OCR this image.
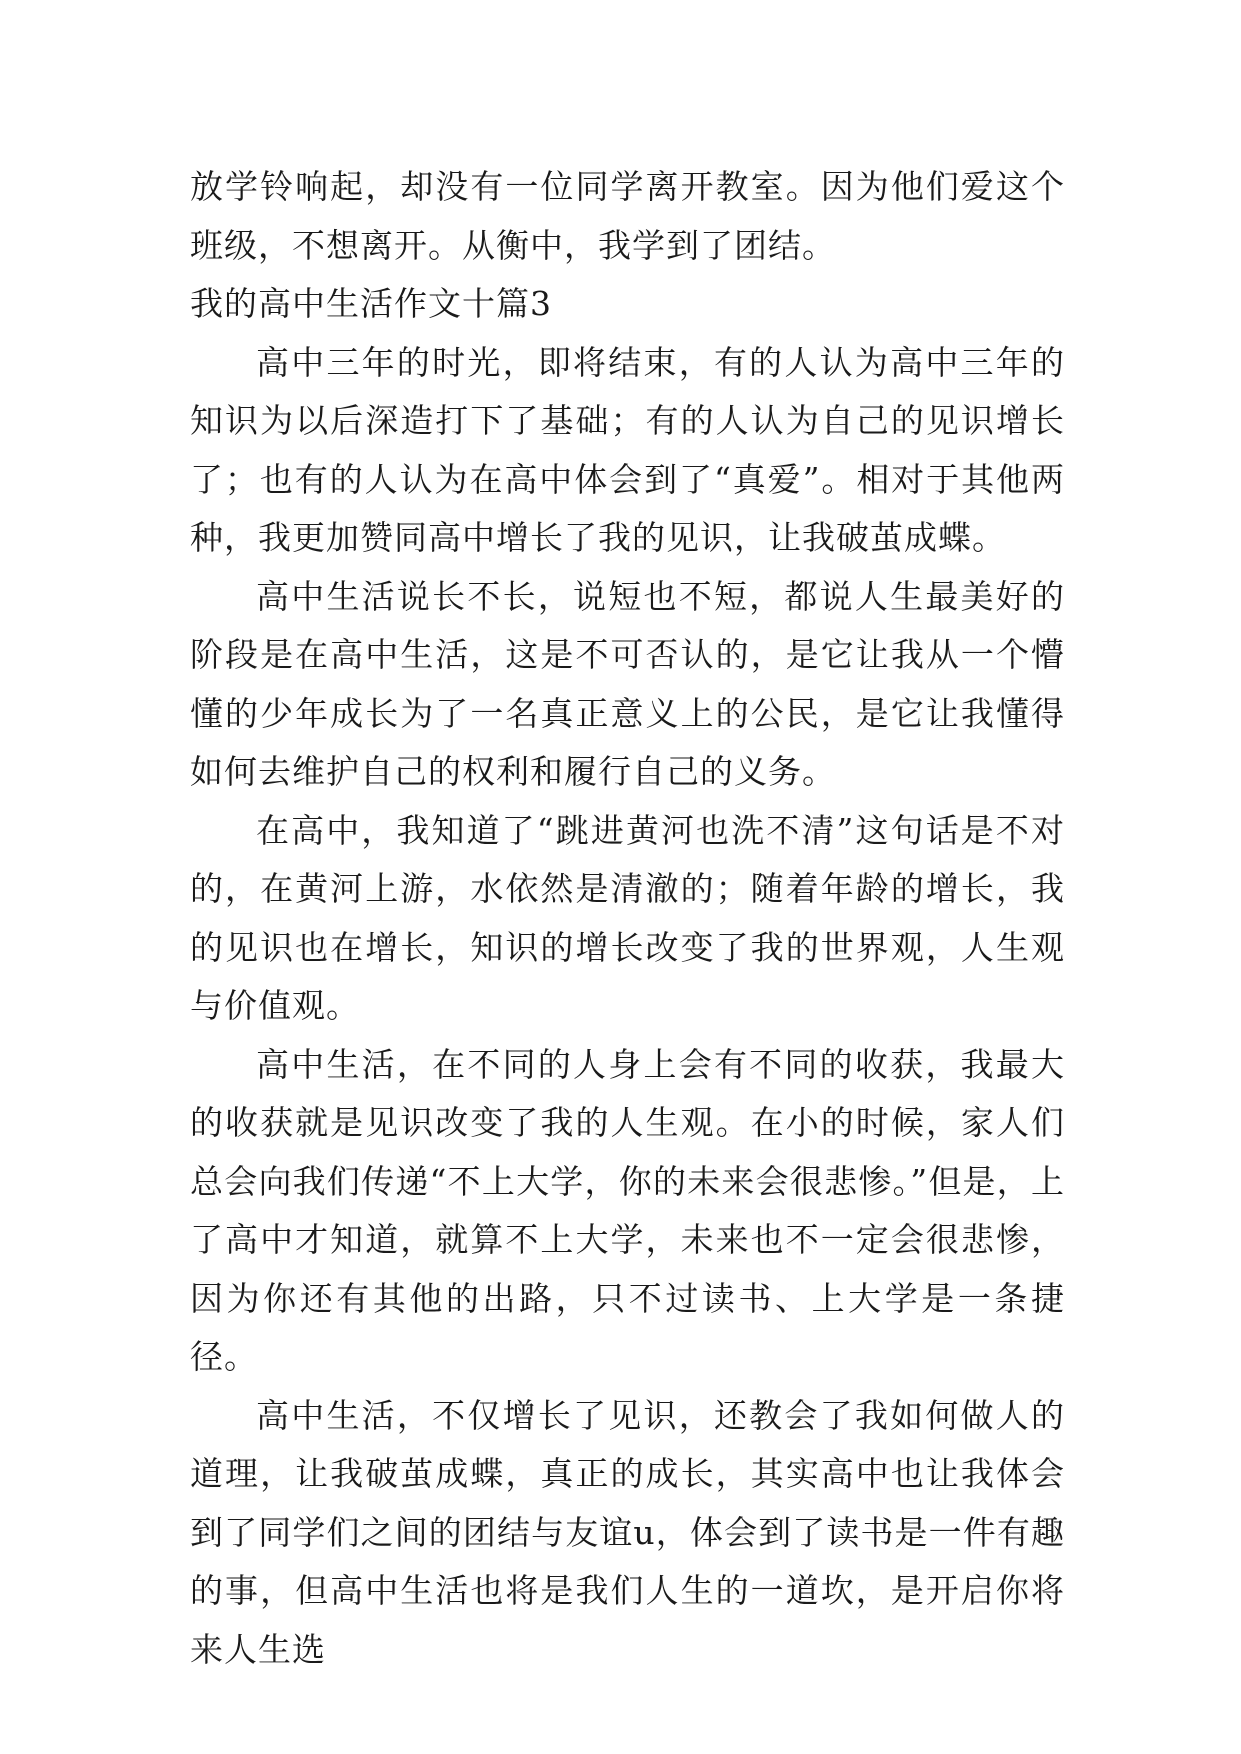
放学铃响起，却没有一位同学离开教室。因为他们爱这个班级，不想离开。从衡中，我学到了团结。

我的高中生活作文十篇3

高中三年的时光，即将结束，有的人认为高中三年的知识为以后深造打下了基础；有的人认为自己的见识增长了；也有的人认为在高中体会到了“真爱”。相对于其他两种，我更加赞同高中增长了我的见识，让我破茧成蝶。

高中生活说长不长，说短也不短，都说人生最美好的阶段是在高中生活，这是不可否认的，是它让我从一个懵懂的少年成长为了一名真正意义上的公民，是它让我懂得如何去维护自己的权利和履行自己的义务。

在高中，我知道了“跳进黄河也洗不清”这句话是不对的，在黄河上游，水依然是清澈的；随着年龄的增长，我的见识也在增长，知识的增长改变了我的世界观，人生观与价值观。

高中生活，在不同的人身上会有不同的收获，我最大的收获就是见识改变了我的人生观。在小的时候，家人们总会向我们传递“不上大学，你的未来会很悲惨。”但是，上了高中才知道，就算不上大学，未来也不一定会很悲惨，因为你还有其他的出路，只不过读书、上大学是一条捷径。

高中生活，不仅增长了见识，还教会了我如何做人的道理，让我破茧成蝶，真正的成长，其实高中也让我体会到了同学们之间的团结与友谊u，体会到了读书是一件有趣的事，但高中生活也将是我们人生的一道坎，是开启你将来人生选
